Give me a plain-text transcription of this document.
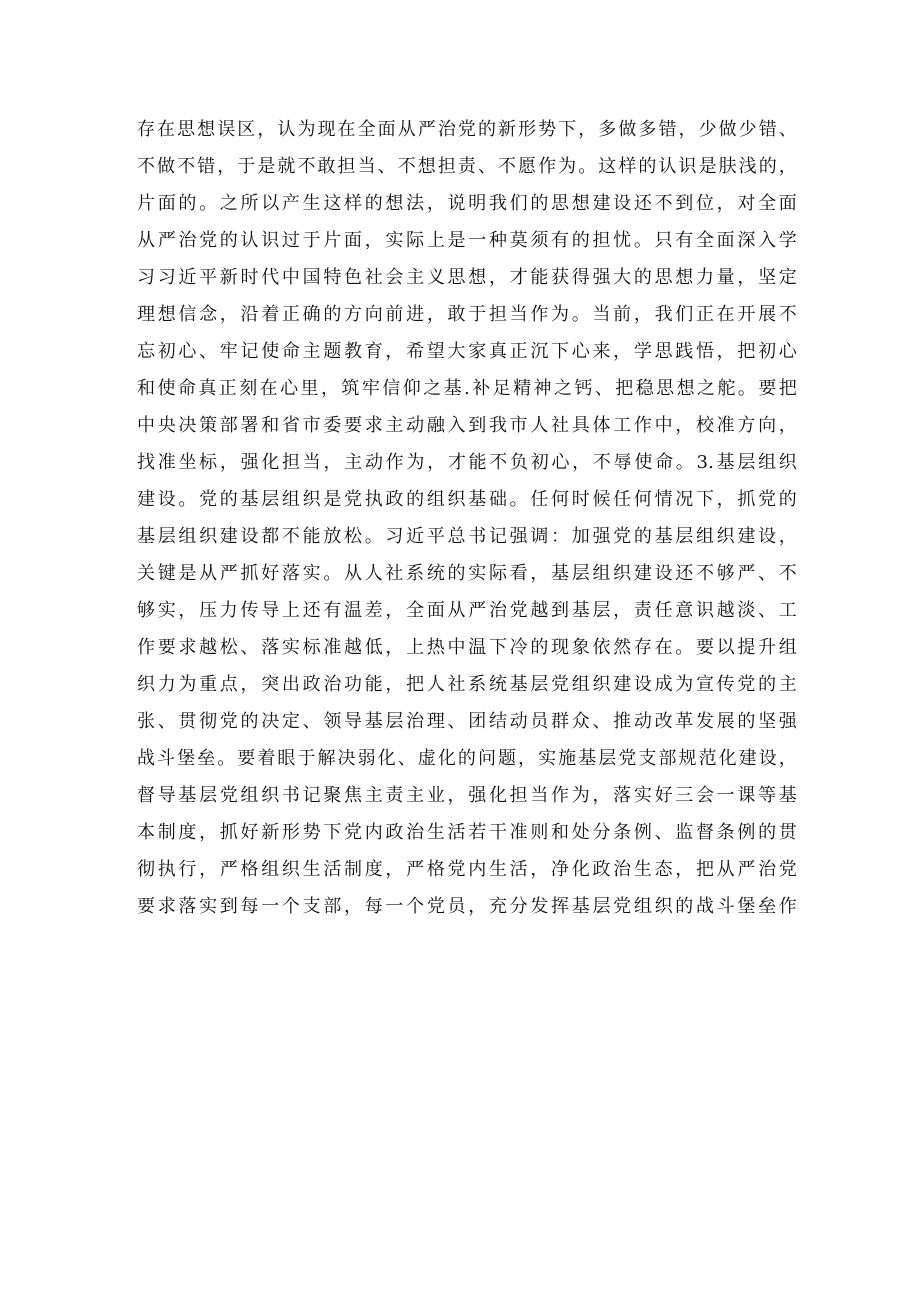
存在思想误区，认为现在全面从严治党的新形势下，多做多错，少做少错、
不做不错，于是就不敢担当、不想担责、不愿作为。这样的认识是肤浅的，
片面的。之所以产生这样的想法，说明我们的思想建设还不到位，对全面
从严治党的认识过于片面，实际上是一种莫须有的担忧。只有全面深入学
习习近平新时代中国特色社会主义思想，才能获得强大的思想力量，坚定
理想信念，沿着正确的方向前进，敢于担当作为。当前，我们正在开展不
忘初心、牢记使命主题教育，希望大家真正沉下心来，学思践悟，把初心
和使命真正刻在心里，筑牢信仰之基.补足精神之钙、把稳思想之舵。要把
中央决策部署和省市委要求主动融入到我市人社具体工作中，校准方向，
找准坐标，强化担当，主动作为，才能不负初心，不辱使命。3.基层组织
建设。党的基层组织是党执政的组织基础。任何时候任何情况下，抓党的
基层组织建设都不能放松。习近平总书记强调：加强党的基层组织建设，
关键是从严抓好落实。从人社系统的实际看，基层组织建设还不够严、不
够实，压力传导上还有温差，全面从严治党越到基层，责任意识越淡、工
作要求越松、落实标准越低，上热中温下冷的现象依然存在。要以提升组
织力为重点，突出政治功能，把人社系统基层党组织建设成为宣传党的主
张、贯彻党的决定、领导基层治理、团结动员群众、推动改革发展的坚强
战斗堡垒。要着眼于解决弱化、虚化的问题，实施基层党支部规范化建设，
督导基层党组织书记聚焦主责主业，强化担当作为，落实好三会一课等基
本制度，抓好新形势下党内政治生活若干准则和处分条例、监督条例的贯
彻执行，严格组织生活制度，严格党内生活，净化政治生态，把从严治党
要求落实到每一个支部，每一个党员，充分发挥基层党组织的战斗堡垒作
